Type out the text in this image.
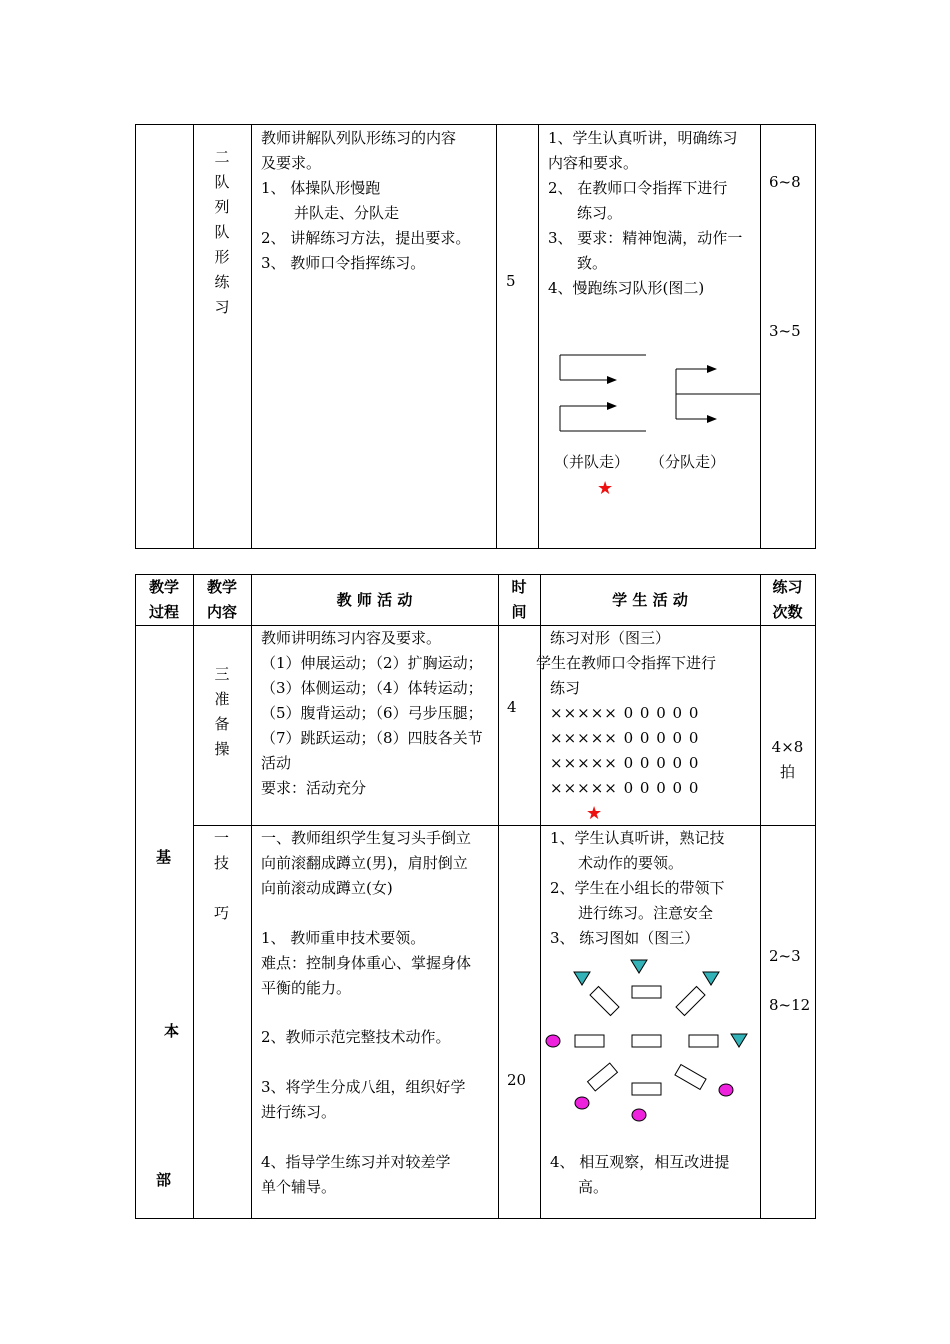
二
队
列
队
形
练
习
教师讲解队列队形练习的内容
及要求。
1、 体操队形慢跑
并队走、分队走
2、 讲解练习方法，提出要求。
3、 教师口令指挥练习。
5
1、学生认真听讲，明确练习
内容和要求。
2、 在教师口令指挥下进行
练习。
3、 要求：精神饱满，动作一
致。
4、慢跑练习队形(图二)
（并队走） （分队走）
★
6~8
3~5
教学
过程
教学
内容
教 师 活 动
时
间
学 生 活 动
练习
次数
三
准
备
操
教师讲明练习内容及要求。
（1）伸展运动；（2）扩胸运动；
（3）体侧运动；（4）体转运动；
（5）腹背运动；（6）弓步压腿；
（7）跳跃运动；（8）四肢各关节
活动
要求：活动充分
4
练习对形（图三）
学生在教师口令指挥下进行
练习
××××× 0 0 0 0 0
××××× 0 0 0 0 0
××××× 0 0 0 0 0
××××× 0 0 0 0 0
★
4×8
拍
基
本
部
一
技
巧
一、教师组织学生复习头手倒立
向前滚翻成蹲立(男)，肩肘倒立
向前滚动成蹲立(女)
1、 教师重申技术要领。
难点：控制身体重心、掌握身体
平衡的能力。
2、教师示范完整技术动作。
3、将学生分成八组，组织好学
进行练习。
4、指导学生练习并对较差学
单个辅导。
20
1、学生认真听讲，熟记技
术动作的要领。
2、学生在小组长的带领下
进行练习。注意安全
3、 练习图如（图三）
4、 相互观察，相互改进提
高。
2~3
8~12
